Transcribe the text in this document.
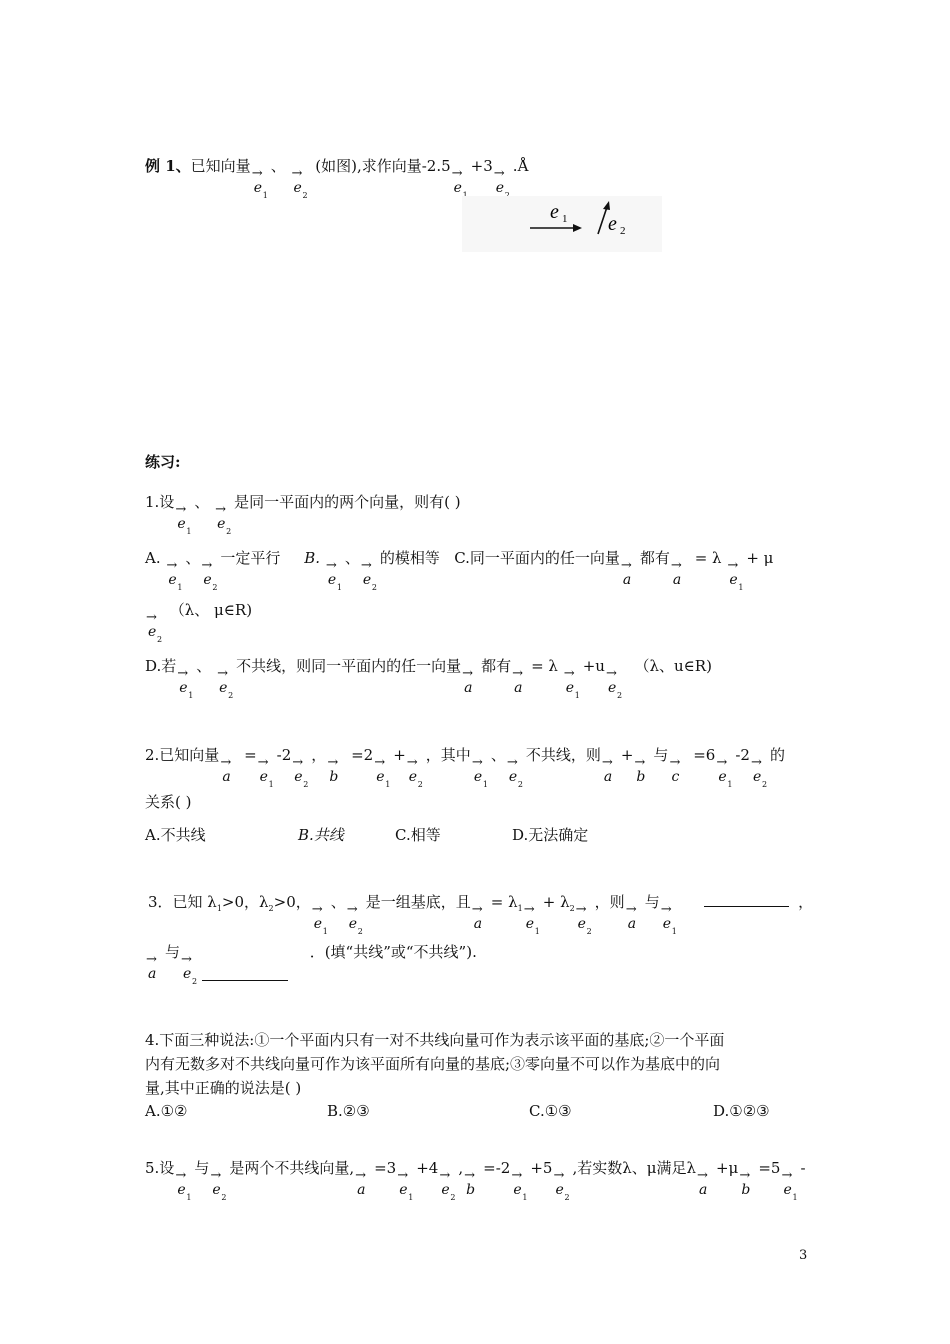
例 1、已知向量 →
e 1
、 →
e 2
(如图),求作向量-2.5 →
e
+3 →
e
.Å
e 1 e 2
练习:
1.设 →
e 1
、 →
e 2
是同一平面内的两个向量，则有( )
A. →
e 1
、 →
e 2
一定平行 B. →
e 1
、 →
e 2
的模相等 C.同一平面内的任一向量 →
a
都有 →
a
= λ →
e 1
+ μ
→
e 2
（λ、 μ∈R)
D.若 →
e 1
、 →
e 2
不共线，则同一平面内的任一向量 →
a
都有 →
a
= λ →
e 1
+u →
e 2
（λ、u∈R)
2.已知向量 →
a
= →
e 1
-2 →
e 2
， →
b
=2 →
e 1
+ →
e 2
，其中 →
e 1
、 →
e 2
不共线，则 →
a
+ →
b
与 →
c
=6 →
e 1
-2 →
e 2
的
关系( )
A.不共线	B.共线	C.相等	D.无法确定
3．已知 $\lambda_1>0$，$\lambda_2>0$， →
e 1
、 →
e 2
是一组基底，且 →
a
= $\lambda_1$ →
e 1
+ $\lambda_2$ →
e 2
，则 →
a
与 →
e 1
，
→
a
与 →
e 2
．(填“共线”或“不共线”).
4.下面三种说法:①一个平面内只有一对不共线向量可作为表示该平面的基底;②一个平面
内有无数多对不共线向量可作为该平面所有向量的基底;③零向量不可以作为基底中的向
量,其中正确的说法是( )
A.①②	B.②③	C.①③	D.①②③
5.设 →
e 1
与 →
e 2
是两个不共线向量, →
a
=3 →
e 1
+4 →
e 2
, →
b
=-2 →
e 1
+5 →
e 2
,若实数λ、μ满足λ →
a
+μ →
b
=5 →
e 1
-
3
